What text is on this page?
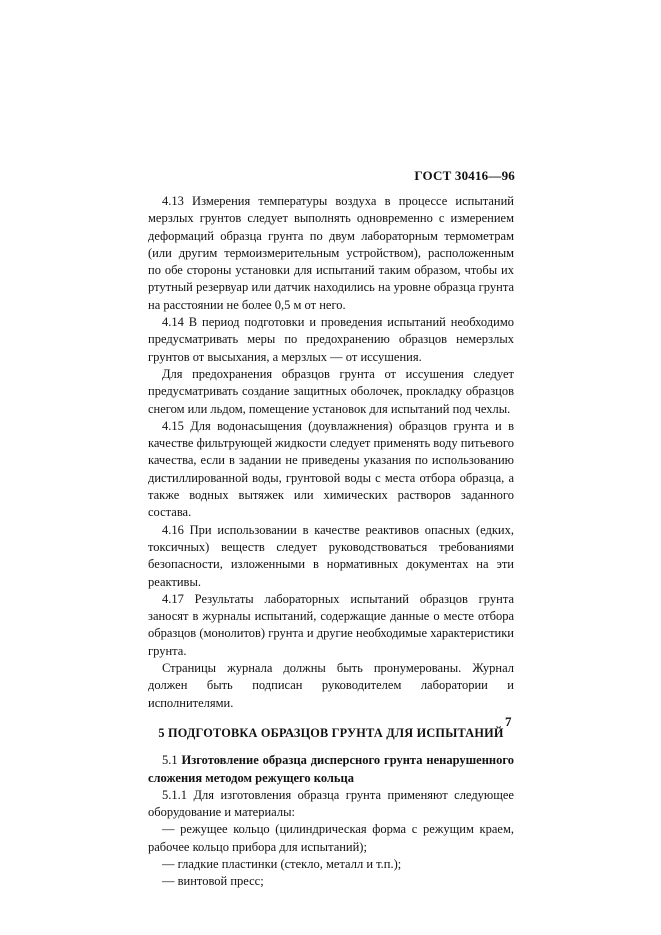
ГОСТ 30416—96

4.13 Измерения температуры воздуха в процессе испытаний мерзлых грунтов следует выполнять одновременно с измерением деформаций образца грунта по двум лабораторным термометрам (или другим термоизмерительным устройством), расположенным по обе стороны установки для испытаний таким образом, чтобы их ртутный резервуар или датчик находились на уровне образца грунта на расстоянии не более 0,5 м от него.

4.14 В период подготовки и проведения испытаний необходимо предусматривать меры по предохранению образцов немерзлых грунтов от высыхания, а мерзлых — от иссушения.

Для предохранения образцов грунта от иссушения следует предусматривать создание защитных оболочек, прокладку образцов снегом или льдом, помещение установок для испытаний под чехлы.

4.15 Для водонасыщения (доувлажнения) образцов грунта и в качестве фильтрующей жидкости следует применять воду питьевого качества, если в задании не приведены указания по использованию дистиллированной воды, грунтовой воды с места отбора образца, а также водных вытяжек или химических растворов заданного состава.

4.16 При использовании в качестве реактивов опасных (едких, токсичных) веществ следует руководствоваться требованиями безопасности, изложенными в нормативных документах на эти реактивы.

4.17 Результаты лабораторных испытаний образцов грунта заносят в журналы испытаний, содержащие данные о месте отбора образцов (монолитов) грунта и другие необходимые характеристики грунта.

Страницы журнала должны быть пронумерованы. Журнал должен быть подписан руководителем лаборатории и исполнителями.

5 ПОДГОТОВКА ОБРАЗЦОВ ГРУНТА ДЛЯ ИСПЫТАНИЙ

5.1 Изготовление образца дисперсного грунта ненарушенного сложения методом режущего кольца

5.1.1 Для изготовления образца грунта применяют следующее оборудование и материалы:

— режущее кольцо (цилиндрическая форма с режущим краем, рабочее кольцо прибора для испытаний);

— гладкие пластинки (стекло, металл и т.п.);

— винтовой пресс;

7
